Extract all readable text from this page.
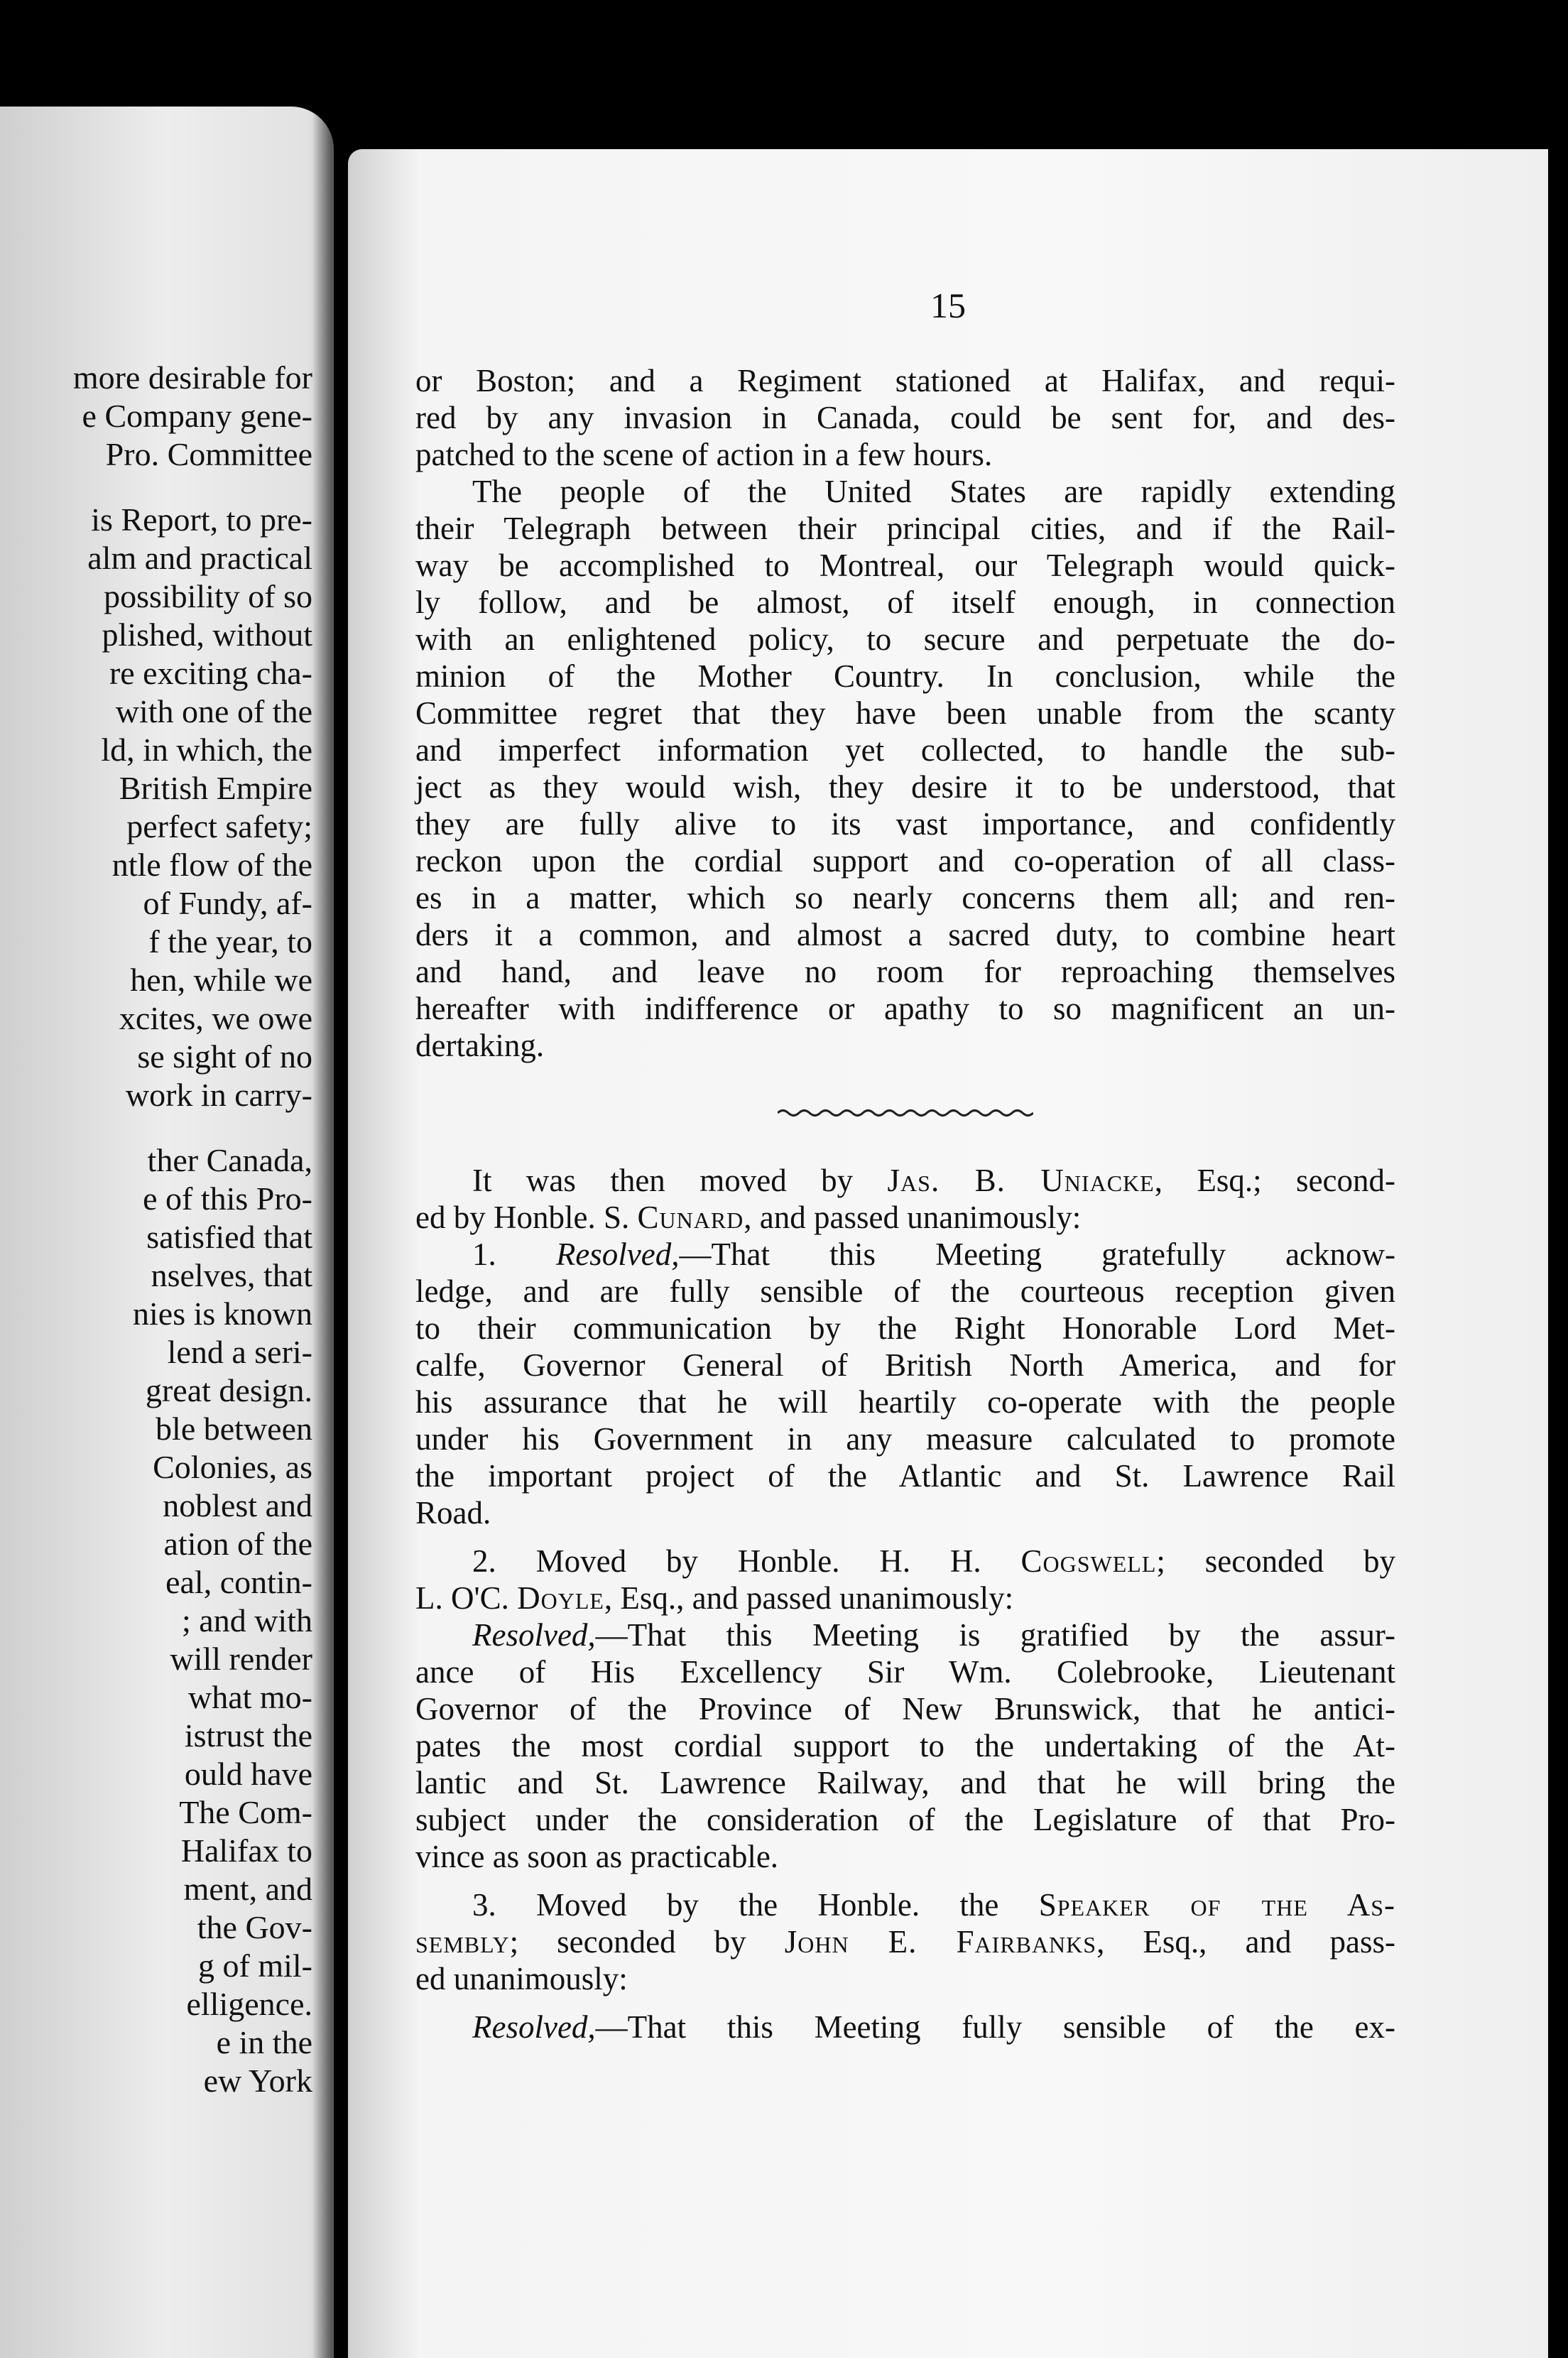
more desirable for
e Company gene-
Pro. Committee
is Report, to pre-
alm and practical
possibility of so
plished, without
re exciting cha-
with one of the
ld, in which, the
British Empire
perfect safety;
ntle flow of the
of Fundy, af-
f the year, to
hen, while we
xcites, we owe
se sight of no
work in carry-
ther Canada,
e of this Pro-
satisfied that
nselves, that
nies is known
lend a seri-
great design.
ble between
Colonies, as
noblest and
ation of the
eal, contin-
; and with
will render
what mo-
istrust the
ould have
The Com-
Halifax to
ment, and
the Gov-
g of mil-
elligence.
e in the
ew York
15
or Boston; and a Regiment stationed at Halifax, and requi-
red by any invasion in Canada, could be sent for, and des-
patched to the scene of action in a few hours.
The people of the United States are rapidly extending
their Telegraph between their principal cities, and if the Rail-
way be accomplished to Montreal, our Telegraph would quick-
ly follow, and be almost, of itself enough, in connection
with an enlightened policy, to secure and perpetuate the do-
minion of the Mother Country. In conclusion, while the
Committee regret that they have been unable from the scanty
and imperfect information yet collected, to handle the sub-
ject as they would wish, they desire it to be understood, that
they are fully alive to its vast importance, and confidently
reckon upon the cordial support and co-operation of all class-
es in a matter, which so nearly concerns them all; and ren-
ders it a common, and almost a sacred duty, to combine heart
and hand, and leave no room for reproaching themselves
hereafter with indifference or apathy to so magnificent an un-
dertaking.
It was then moved by Jas. B. Uniacke, Esq.; second-
ed by Honble. S. Cunard, and passed unanimously:
1. Resolved,—That this Meeting gratefully acknow-
ledge, and are fully sensible of the courteous reception given
to their communication by the Right Honorable Lord Met-
calfe, Governor General of British North America, and for
his assurance that he will heartily co-operate with the people
under his Government in any measure calculated to promote
the important project of the Atlantic and St. Lawrence Rail
Road.
2. Moved by Honble. H. H. Cogswell; seconded by
L. O'C. Doyle, Esq., and passed unanimously:
Resolved,—That this Meeting is gratified by the assur-
ance of His Excellency Sir Wm. Colebrooke, Lieutenant
Governor of the Province of New Brunswick, that he antici-
pates the most cordial support to the undertaking of the At-
lantic and St. Lawrence Railway, and that he will bring the
subject under the consideration of the Legislature of that Pro-
vince as soon as practicable.
3. Moved by the Honble. the Speaker of the As-
sembly; seconded by John E. Fairbanks, Esq., and pass-
ed unanimously:
Resolved,—That this Meeting fully sensible of the ex-
